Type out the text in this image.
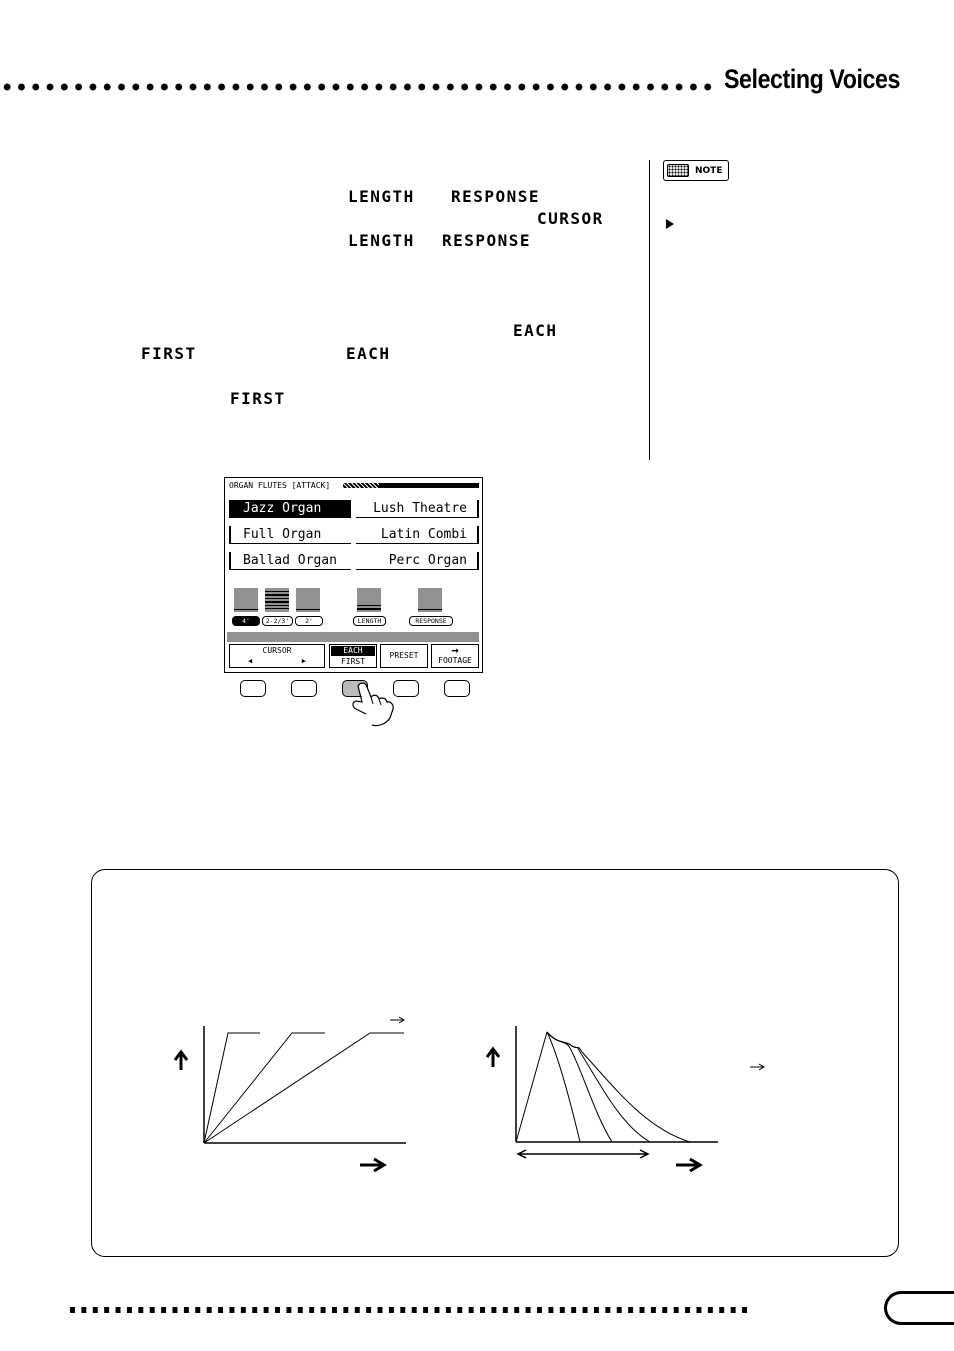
Selecting Voices
LENGTH RESPONSE
CURSOR
LENGTH RESPONSE
EACH
FIRST	EACH
FIRST
NOTE
ORGAN FLUTES [ATTACK]
Jazz Organ	Lush Theatre
Full Organ	Latin Combi
Ballad Organ	Perc Organ
4'	2-2/3'	2'	LENGTH	RESPONSE
CURSOR
◀	▶
EACH
FIRST
PRESET	→
FOOTAGE
